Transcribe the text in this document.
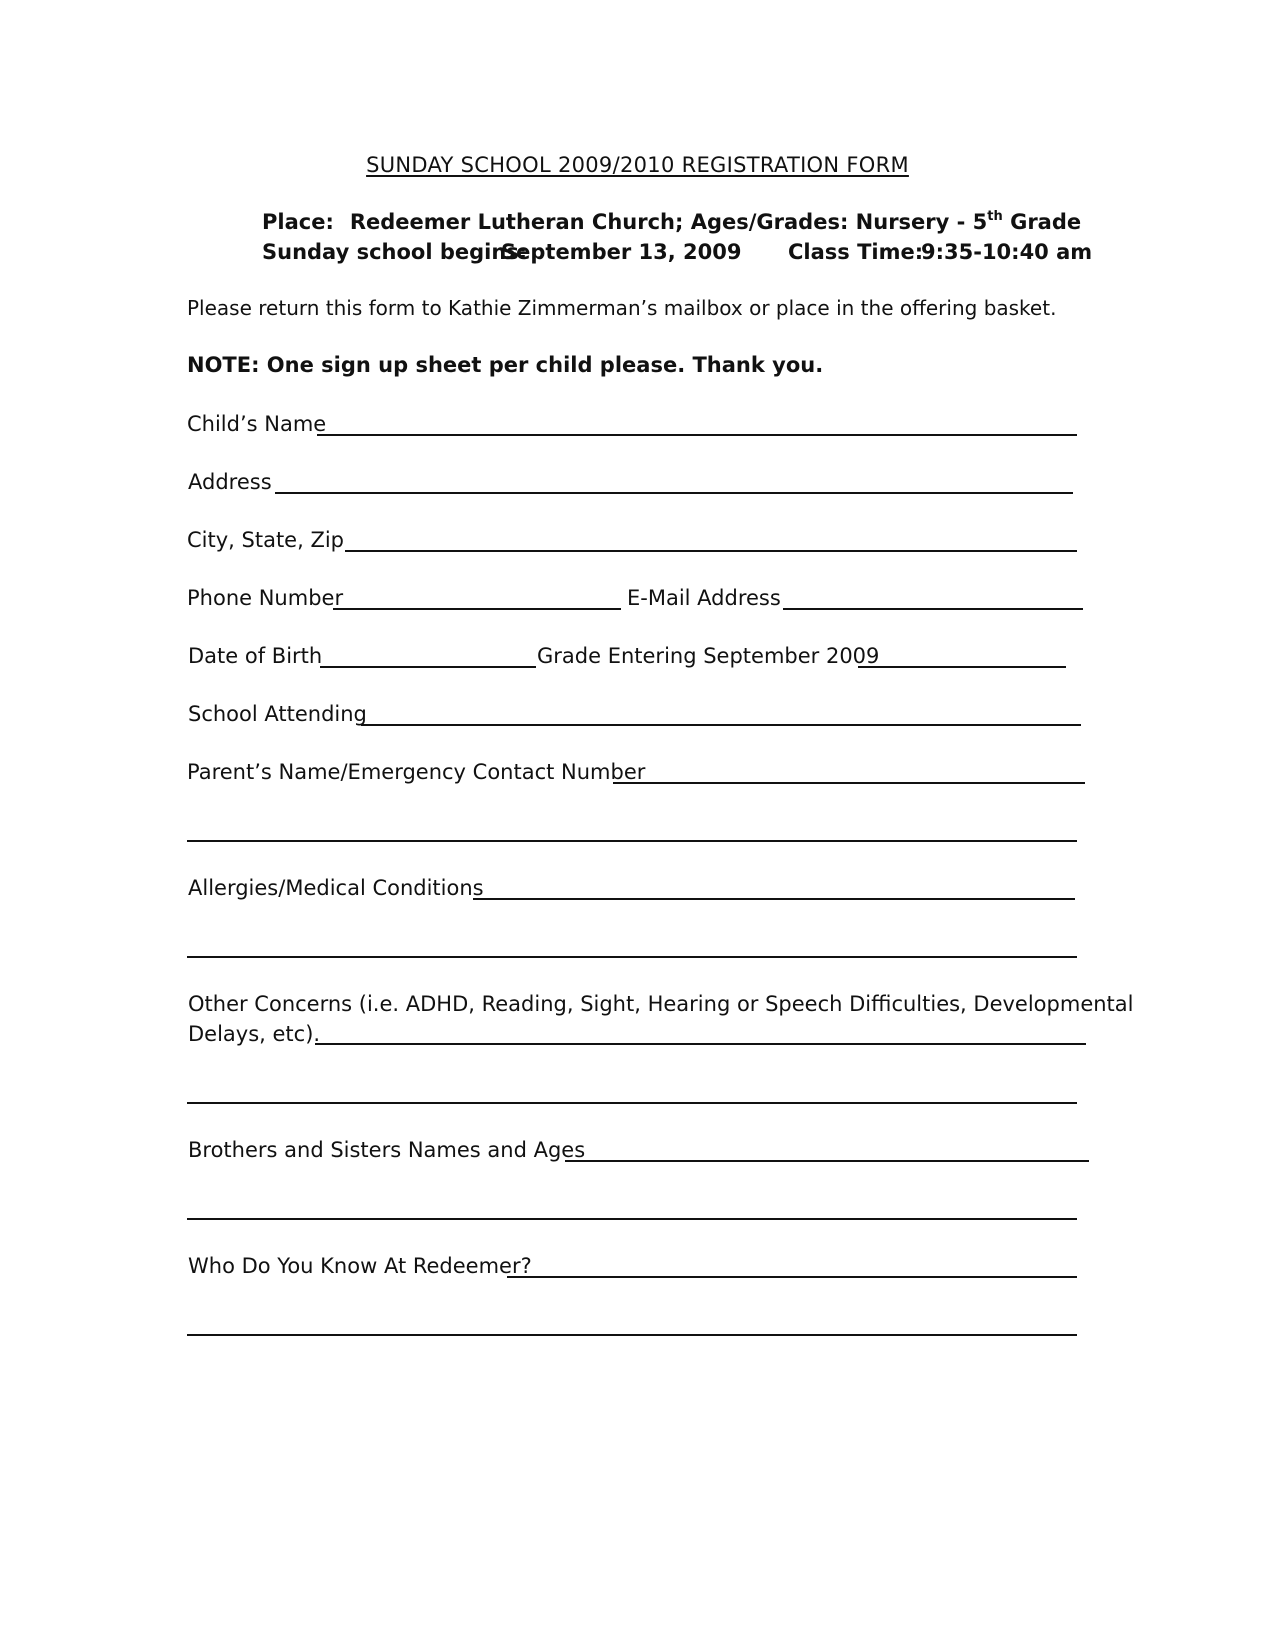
SUNDAY SCHOOL 2009/2010 REGISTRATION FORM
Place: Redeemer Lutheran Church; Ages/Grades: Nursery - 5th Grade
Sunday school begins:
September 13, 2009 Class Time:
9:35-10:40 am
Please return this form to Kathie Zimmerman’s mailbox or place in the offering basket.
NOTE: One sign up sheet per child please. Thank you.
Child’s Name
Address
City, State, Zip
Phone Number	E-Mail Address
Date of Birth	Grade Entering September 2009
School Attending
Parent’s Name/Emergency Contact Number
Allergies/Medical Conditions
Other Concerns (i.e. ADHD, Reading, Sight, Hearing or Speech Difficulties, Developmental
Delays, etc).
Brothers and Sisters Names and Ages
Who Do You Know At Redeemer?
